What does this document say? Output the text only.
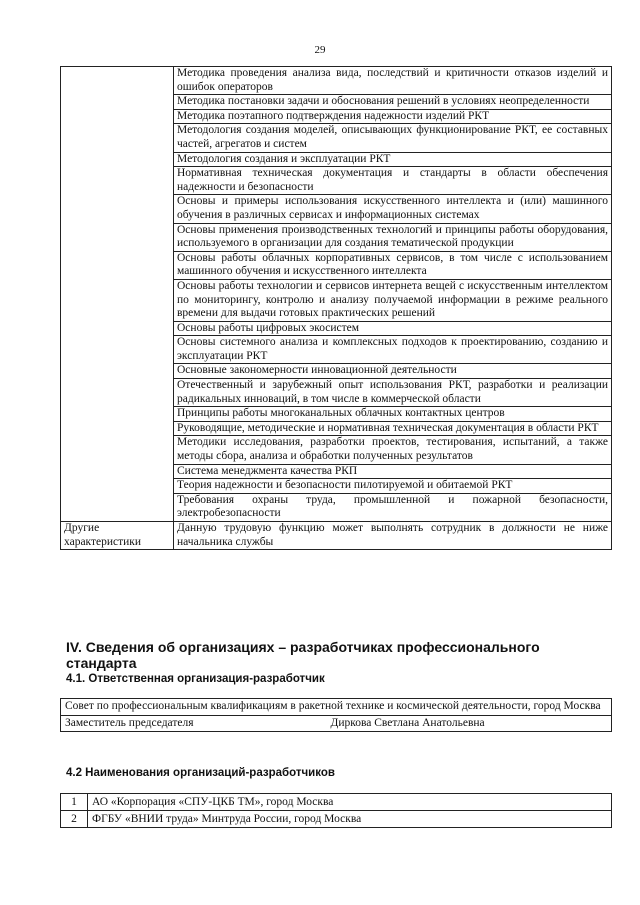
29
	Методика проведения анализа вида, последствий и критичности отказов изделий и ошибок операторов
	Методика постановки задачи и обоснования решений в условиях неопределенности
	Методика поэтапного подтверждения надежности изделий РКТ
	Методология создания моделей, описывающих функционирование РКТ, ее составных частей, агрегатов и систем
	Методология создания и эксплуатации РКТ
	Нормативная техническая документация и стандарты в области обеспечения надежности и безопасности
	Основы и примеры использования искусственного интеллекта и (или) машинного обучения в различных сервисах и информационных системах
	Основы применения производственных технологий и принципы работы оборудования, используемого в организации для создания тематической продукции
	Основы работы облачных корпоративных сервисов, в том числе с использованием машинного обучения и искусственного интеллекта
	Основы работы технологии и сервисов интернета вещей с искусственным интеллектом по мониторингу, контролю и анализу получаемой информации в режиме реального времени для выдачи готовых практических решений
	Основы работы цифровых экосистем
	Основы системного анализа и комплексных подходов к проектированию, созданию и эксплуатации РКТ
	Основные закономерности инновационной деятельности
	Отечественный и зарубежный опыт использования РКТ, разработки и реализации радикальных инноваций, в том числе в коммерческой области
	Принципы работы многоканальных облачных контактных центров
	Руководящие, методические и нормативная техническая документация в области РКТ
	Методики исследования, разработки проектов, тестирования, испытаний, а также методы сбора, анализа и обработки полученных результатов
	Система менеджмента качества РКП
	Теория надежности и безопасности пилотируемой и обитаемой РКТ
	Требования охраны труда, промышленной и пожарной безопасности, электробезопасности
Другие характеристики	Данную трудовую функцию может выполнять сотрудник в должности не ниже начальника службы
IV. Сведения об организациях – разработчиках профессионального стандарта
4.1. Ответственная организация-разработчик
Совет по профессиональным квалификациям в ракетной технике и космической деятельности, город Москва
Заместитель председателя	Диркова Светлана Анатольевна
4.2 Наименования организаций-разработчиков
1	АО «Корпорация «СПУ-ЦКБ ТМ», город Москва
2	ФГБУ «ВНИИ труда» Минтруда России, город Москва
